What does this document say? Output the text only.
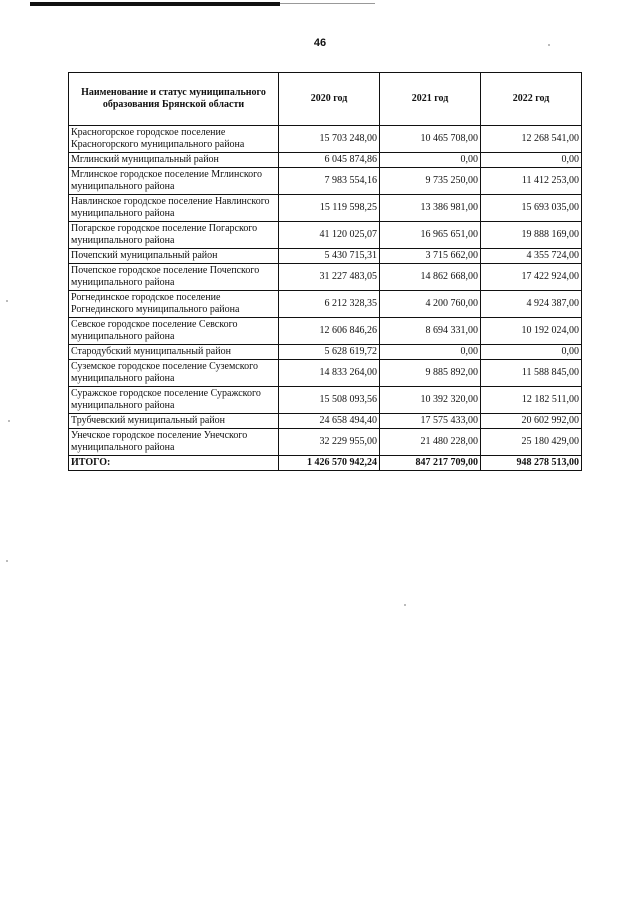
46
Наименование и статус муниципального образования Брянской области	2020 год	2021 год	2022 год
Красногорское городское поселение Красногорского муниципального района	15 703 248,00	10 465 708,00	12 268 541,00
Мглинский муниципальный район	6 045 874,86	0,00	0,00
Мглинское городское поселение Мглинского муниципального района	7 983 554,16	9 735 250,00	11 412 253,00
Навлинское городское поселение Навлинского муниципального района	15 119 598,25	13 386 981,00	15 693 035,00
Погарское городское поселение Погарского муниципального района	41 120 025,07	16 965 651,00	19 888 169,00
Почепский муниципальный район	5 430 715,31	3 715 662,00	4 355 724,00
Почепское городское поселение Почепского муниципального района	31 227 483,05	14 862 668,00	17 422 924,00
Рогнединское городское поселение Рогнединского муниципального района	6 212 328,35	4 200 760,00	4 924 387,00
Севское городское поселение Севского муниципального района	12 606 846,26	8 694 331,00	10 192 024,00
Стародубский муниципальный район	5 628 619,72	0,00	0,00
Суземское городское поселение Суземского муниципального района	14 833 264,00	9 885 892,00	11 588 845,00
Суражское городское поселение Суражского муниципального района	15 508 093,56	10 392 320,00	12 182 511,00
Трубчевский муниципальный район	24 658 494,40	17 575 433,00	20 602 992,00
Унечское городское поселение Унечского муниципального района	32 229 955,00	21 480 228,00	25 180 429,00
ИТОГО:	1 426 570 942,24	847 217 709,00	948 278 513,00
